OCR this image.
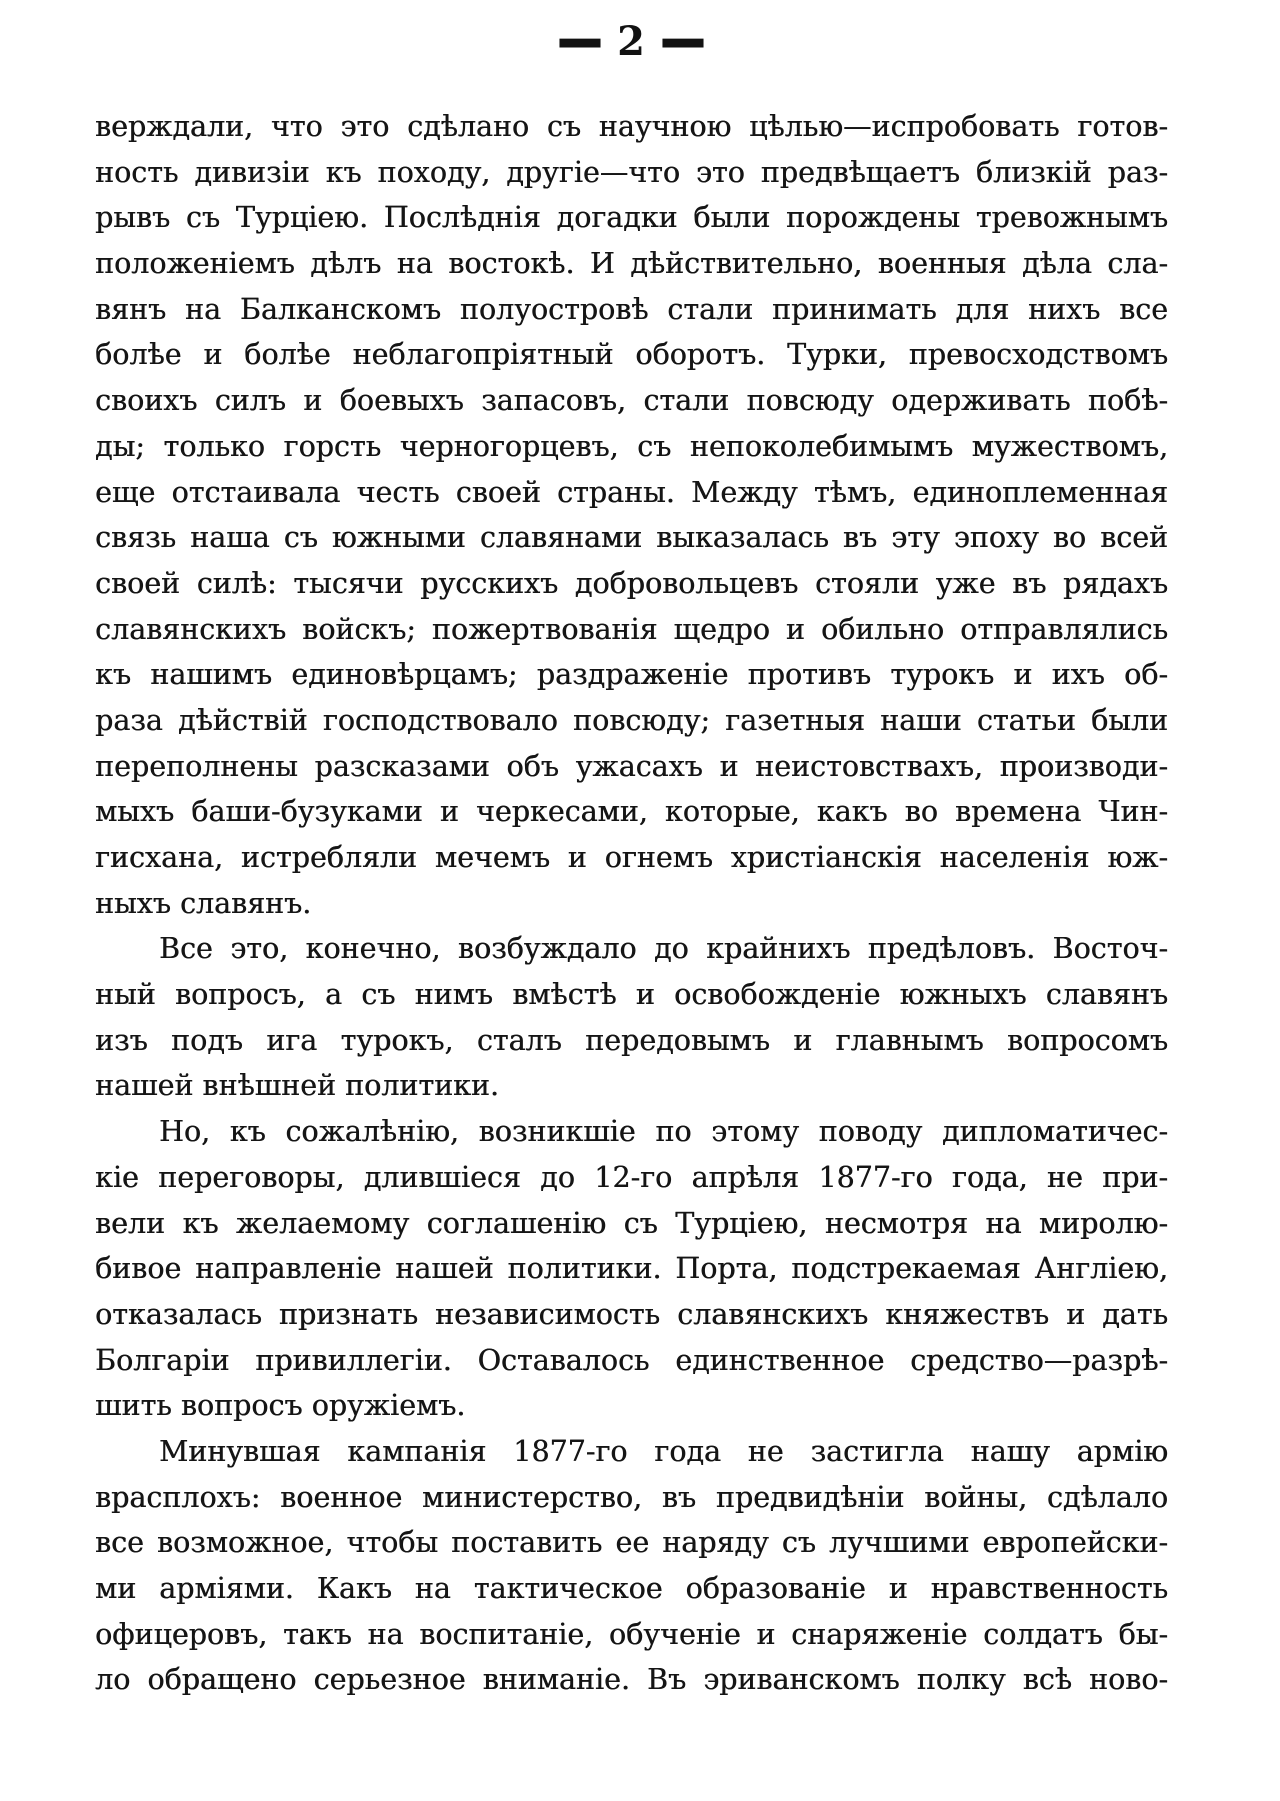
— 2 —
верждали, что это сдѣлано съ научною цѣлью—испробовать готов-
ность дивизіи къ походу, другіе—что это предвѣщаетъ близкій раз-
рывъ съ Турціею. Послѣднія догадки были порождены тревожнымъ
положеніемъ дѣлъ на востокѣ. И дѣйствительно, военныя дѣла сла-
вянъ на Балканскомъ полуостровѣ стали принимать для нихъ все
болѣе и болѣе неблагопріятный оборотъ. Турки, превосходствомъ
своихъ силъ и боевыхъ запасовъ, стали повсюду одерживать побѣ-
ды; только горсть черногорцевъ, съ непоколебимымъ мужествомъ,
еще отстаивала честь своей страны. Между тѣмъ, единоплеменная
связь наша съ южными славянами выказалась въ эту эпоху во всей
своей силѣ: тысячи русскихъ добровольцевъ стояли уже въ рядахъ
славянскихъ войскъ; пожертвованія щедро и обильно отправлялись
къ нашимъ единовѣрцамъ; раздраженіе противъ турокъ и ихъ об-
раза дѣйствій господствовало повсюду; газетныя наши статьи были
переполнены разсказами объ ужасахъ и неистовствахъ, производи-
мыхъ баши-бузуками и черкесами, которые, какъ во времена Чин-
гисхана, истребляли мечемъ и огнемъ христіанскія населенія юж-
ныхъ славянъ.
Все это, конечно, возбуждало до крайнихъ предѣловъ. Восточ-
ный вопросъ, а съ нимъ вмѣстѣ и освобожденіе южныхъ славянъ
изъ подъ ига турокъ, сталъ передовымъ и главнымъ вопросомъ
нашей внѣшней политики.
Но, къ сожалѣнію, возникшіе по этому поводу дипломатичес-
кіе переговоры, длившіеся до 12-го апрѣля 1877-го года, не при-
вели къ желаемому соглашенію съ Турціею, несмотря на миролю-
бивое направленіе нашей политики. Порта, подстрекаемая Англіею,
отказалась признать независимость славянскихъ княжествъ и дать
Болгаріи привиллегіи. Оставалось единственное средство—разрѣ-
шить вопросъ оружіемъ.
Минувшая кампанія 1877-го года не застигла нашу армію
врасплохъ: военное министерство, въ предвидѣніи войны, сдѣлало
все возможное, чтобы поставить ее наряду съ лучшими европейски-
ми арміями. Какъ на тактическое образованіе и нравственность
офицеровъ, такъ на воспитаніе, обученіе и снаряженіе солдатъ бы-
ло обращено серьезное вниманіе. Въ эриванскомъ полку всѣ ново-
